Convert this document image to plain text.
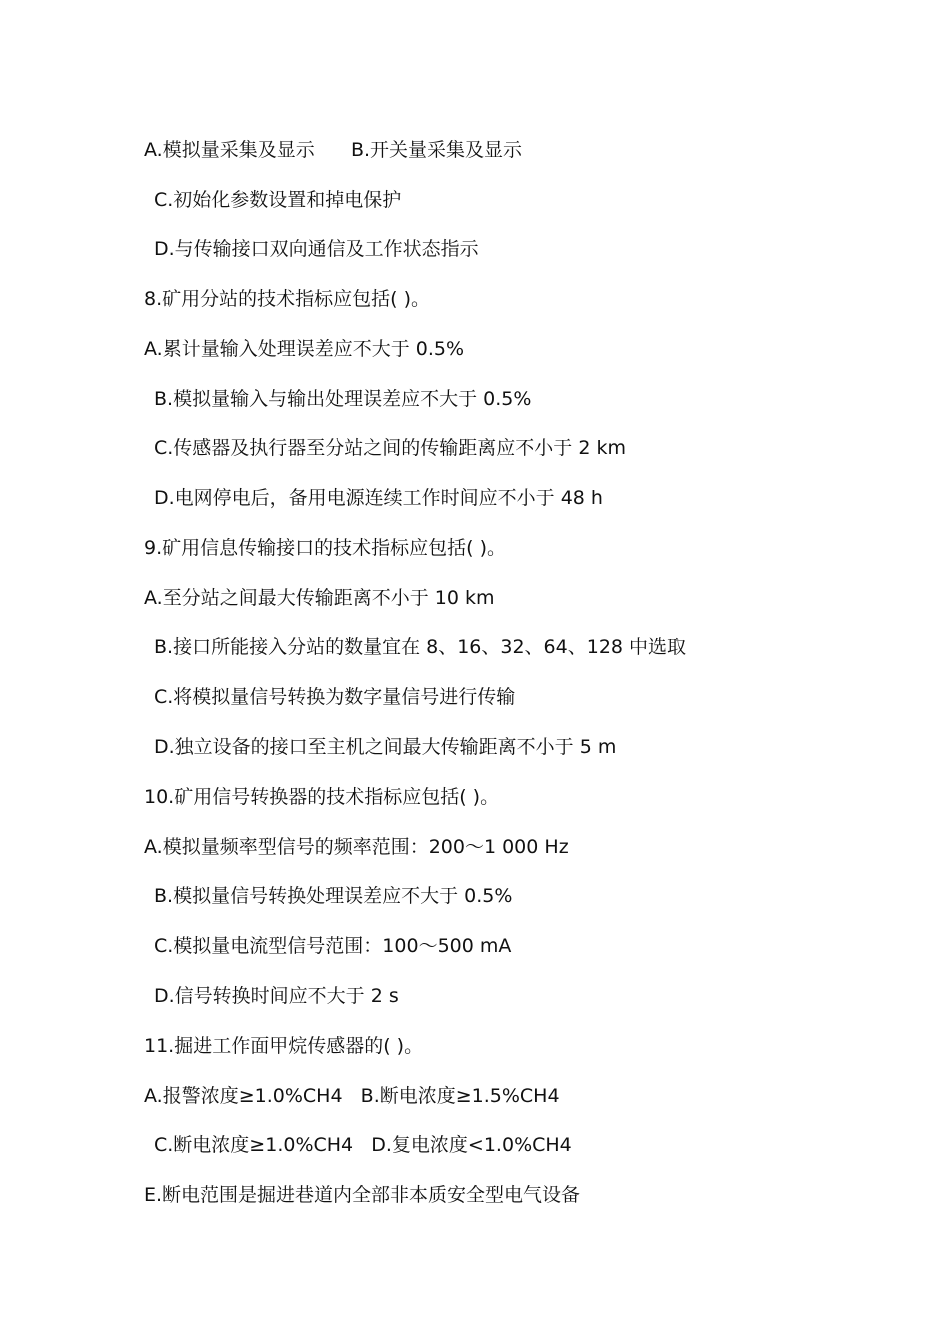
A.模拟量采集及显示      B.开关量采集及显示
C.初始化参数设置和掉电保护
D.与传输接口双向通信及工作状态指示
8.矿用分站的技术指标应包括( )。
A.累计量输入处理误差应不大于 0.5%
B.模拟量输入与输出处理误差应不大于 0.5%
C.传感器及执行器至分站之间的传输距离应不小于 2 km
D.电网停电后，备用电源连续工作时间应不小于 48 h
9.矿用信息传输接口的技术指标应包括( )。
A.至分站之间最大传输距离不小于 10 km
B.接口所能接入分站的数量宜在 8、16、32、64、128 中选取
C.将模拟量信号转换为数字量信号进行传输
D.独立设备的接口至主机之间最大传输距离不小于 5 m
10.矿用信号转换器的技术指标应包括( )。
A.模拟量频率型信号的频率范围：200～1 000 Hz
B.模拟量信号转换处理误差应不大于 0.5%
C.模拟量电流型信号范围：100～500 mA
D.信号转换时间应不大于 2 s
11.掘进工作面甲烷传感器的( )。
A.报警浓度≥1.0%CH4   B.断电浓度≥1.5%CH4
C.断电浓度≥1.0%CH4   D.复电浓度<1.0%CH4
E.断电范围是掘进巷道内全部非本质安全型电气设备
